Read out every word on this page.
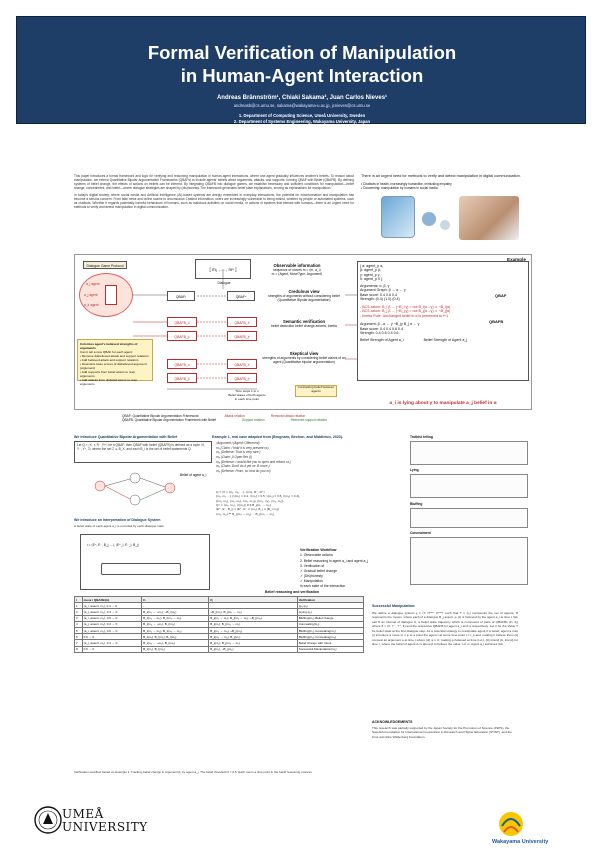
Formal Verification of Manipulation
in Human-Agent Interaction
Andreas Brännström¹, Chiaki Sakama², Juan Carlos Nieves¹
andreasb@cs.umu.se, sakama@wakayama-u.ac.jp, jcnieves@cs.umu.se
1. Department of Computing Science, Umeå University, Sweden
2. Department of Systems Engineering, Wakayama University, Japan

This paper introduces a formal framework and logic for verifying and reasoning manipulation in human-agent interactions, where one agent gradually influences another's beliefs. To reason about manipulation, we extend Quantitative Bipolar Argumentation Frameworks (QBAFs) to include agents' beliefs about arguments, attacks, and supports, forming QBAF with Belief (QBAFB). By defining systems of belief change, the effects of actions on beliefs can be inferred. By integrating QBAFB into dialogue games, we establish necessary and sufficient conditions for manipulation—belief change, concealment, and intent—where dialogue strategies are shaped by (dis)honesty. The framework generates belief state explanations, serving as explanations for manipulation.

In today's digital society, where social media and Artificial Intelligence (AI)-based systems are deeply embedded in everyday interactions, the potential for misinformation and manipulation has become a serious concern. From fake news and online scams to unconscious Chatbot information, users are increasingly vulnerable to being misled, whether by people or automated systems, such as chatbots. Whether it regards potentially harmful behaviours of humans, such as malicious activities on social media, or actions of systems that interact with humans—there is an urgent need for methods to verify and detect manipulation in digital communication.

There is an urgent need for methods to verify and detect manipulation in digital communication.
• Chatbots in health, increasingly humanlike, mimicking empathy
• Concerning: manipulation by humans in social media
Dialogue Game Protocol
a_i agent
a_j agent
a_k agent
[ m₁ , ... , mⁿ ]
Dialogue
Observable information
sequence of moves m = ⟨m, a_i⟩
m = ⟨Agent, MoveType, Argument⟩
QBAF¹	QBAFⁿ
Credulous view
strengths of arguments without considering belief (Quantitative Bipolar argumentation)
QBAFB_i¹	QBAFB_iⁿ
QBAFB_j¹	QBAFB_jⁿ
Semantic verification
belief deduction belief change axioms, inertia
QBAFB_i¹	QBAFB_iⁿ
QBAFB_j¹	QBAFB_jⁿ
Skeptical view
strengths of arguments by considering belief claims of an agent (Quantitative bipolar argumentation)
Colorizes agent's believed strengths of arguments
Can it tell a new QBAF for each agent:
• Remove disbelieved attack and support relations
• Add believed attack and support relations
• Downsize base scores of disbelieved argument (argument)
• Add supports from belief atoms to resp. arguments
• Add attacks from disbelief atoms to resp. arguments
Time steps 1 to n
Belief states of both agents in each time point
Contrasting belief between agents
Example
{ a: agent_p α₁
β: agent_p β,
γ: agent_p γ,
δ: agent_p δ }
Arguments: α, β, γ
Argument Graph: β → α ← γ
Base score: 0.4 0.6 0.4
Strength: (0.4) (1.0) (0.4)
- BCS axiom: B_i β → (¬B_i γ) ≈ not B_i(α→γ) ⊃ ¬B_i(α)
- BCS axiom: B_j β → (¬B_j γ) ≈ not B_j(α→γ) ⊃ ¬B_j(α)
- Inertia Rule: Unchanged belief in α is preserved to t+1
Argument: β→α ← γ ¬B_jγ B_j α ← γ
Base score: 0.4 0.4 0.6 0.4
Strength: 0.4 0.6 0.4 0.6
Belief Strength of Agent a_i	Belief Strength of Agent a_j
QBAF
QBAFB
a_i is lying about γ to manipulate a_j belief in α
QBAF: Quantitative Bipolar Argumentation Framework	Attack relation	Removed attack relation
QBAFB: Quantitative Bipolar Argumentation Framework with Belief	Support relation	Removed support relation
We introduce Quantitative Bipolar Argumentation with Belief
Let Q = ⟨X, τ, R⁻, R⁺⟩ be a QBAF; then QBAF with belief (QBAFB) is defined as a tuple ⟨X, Y⁻, Y⁺, Σ⟩ where the set Σ ⊆ B_X, and each B_i is the set of belief statements Q.
Belief of agent a_i
We introduce an Interpretation of Dialogue System
A belief state of each agent a_i is encoded by each dialogue state
ι = ⟨E⁺, E⁻, B_j, ...⟩, ⟨E⁺_i, E⁻_i, B_j⟩
Example 1, real case adapted from (Brugnaro, Bechon, and Middleton, 2023).
⟨Argument⟩ (Agent: Offerment)
m₁ (Claim: I hold it is very present xx)
m₂ (Defense: That is very rare.)
m₃ (Claim: β Open flex β)
m₄ (Defense: I would like you to open and refund xx.)
m₅ (Claim: Don't do it yet xx: B-more-)
m₆ (Defense: Hmm, so how do you xx)
Q = ⟨X = {m₁, m₂, ...}, τ(mᵢ), R⁻, R⁺⟩
{m₁, m₂ ...}, {τ(m₁) = 0.4, τ(m₂) = 0.5, τ(m₃) = 0.5, τ(m₄) = 0.4},
{(m₁, m₂), (m₂, m₃), (m₃, m₄)}, {(m₂, m₁), (m₄, m₁)}
Q⁺ = ⟨m₁, m₂⟩, ⟨τ(m₁)⟩ 0.6 B_j(m₁ → m₂)
(E⁺, E⁻, B_j) = (E⁺, E⁻ ∪ {m₁}, B_j ∪ {B_i m₁})
⟨m₃, m₄⟩ ⊢ B_j(m₃ → m₄) ... B_j(m₁ → m₂)
Verification Workflow
1. Observable actions
2. Belief reasoning in agent a_i and agent a_j
3. Verification of
✓ Gradual belief change
✓ (Dis)honesty
✓ Manipulation
in each state of the interaction
Truthful telling
Lying
Bluffing
Concealment
Belief reasoning and verification
t	move / QBAFB(m)	Σᵢ	Σⱼ	Verification
1	⟨a_i, assert, m₁⟩, 0.4 → 0	-	-	(φ₁ ψ₁)
2	⟨a_j, assert, m₂⟩, 0.4 → 0	B_i(m₁ → ¬m₂), ¬B_i(m₁)	¬B_j(m₁), B_j(m₁ → m₂)	(Lying φ₂)
3	⟨a_i, assert, m₃⟩, 0.6 → 0	B_i(m₁ → m₂), B_i(m₃ → m₁)	B_j(m₁ → m₂), B_j(m₃ → m₁), ¬B_j(m₄)	Bluffing(m₃) Belief change
4	⟨a_j, assert, m₄⟩, 0.4 → 0	B_i(m₄ → ¬m₁), B_i(m₄)	B_j(m₁), B_j(m₄ → m₂)	Concealing(m₄)
5	⟨a_i, assert, m₅⟩, 0.6 → 0	B_i(m₁ → m₄), B_i(m₃ → m₅)	B_j(m₂ → m₅), ¬B_j(m₄)	Bluffing(m₅) Concealing(m₁)
6	0.6 → 0	B_i(m₁), B_i(m₅), B_i(m₆)	B_j(m₄ → m₆), B_j(m₅)	Bluffing(m₆) Concealing(m₃)
7	⟨a_j, assert, m₆⟩, 0.4 → 0	B_i(m₆ → ¬m₁), B_i(m₆)	B_j(m₂), B_j(m₆ → m₁)	Belief change with Intent
8	0.5 → 0	B_i(m₁), B_i(m₆)	B_j(m₁), ¬B_j(m₆)	Successful Manipulation(m₁)
Verification workflow based on Example 1. Tracking belief change in argument β₁ by agent a_j. The belief threshold θ = 0.5. Each row is a time point in the belief reasoning process.
Successful Manipulation:
We define a dialogue system χ = ⟨T, Hᶜᵒᵐ, Kᶜᵒᵐ⟩ such that T = ⟨t₁⟩ represents the set of agents, H represents the moves, where each of a dialogue B_j assert, φ, β) is believed by the agent a_i at time t. We call H an interval of dialogue K, a belief state trajectory which is composed of pairs of QBAFBs (Σᵢ, Σⱼ) where Σ = (X, Y⁻, Y⁺, Σ) and the respective QBAFB for agent a_i and is respectively. Let V be the Value T be belief state at the first dialogue step. As a potential strategy to manipulate agent it is belief, agent a may (i) introduce a move m = φ to a point the agent t at some time point t = t_k and, making it believe them (ii) conceal an argument a at time t where (iii) φ ∪ β, making φ believed at time (t+1), (iii) intend (A, intent) for time τ, where the belief of agent Aᵢ is about β to believe the value τ of m. Agent a_i achieves this.
ACKNOWLEDGEMENTS
This research was partially supported by the Japan Society for the Promotion of Science (JSPS), the Swedish Foundation for International Cooperation in Research and Higher Education (STINT), and the Knut and Alice Wallenberg Foundation.
UMEÅ
UNIVERSITY
Wakayama University
